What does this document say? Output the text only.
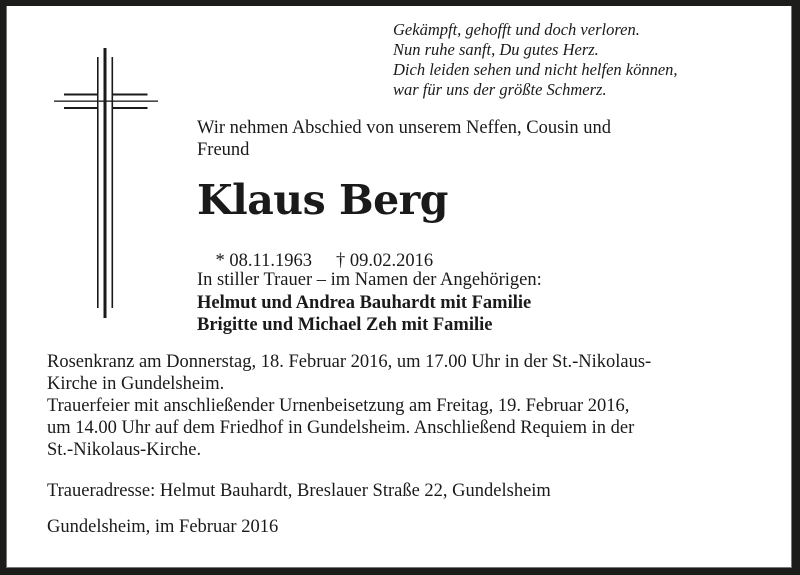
Gekämpft, gehofft und doch verloren.
Nun ruhe sanft, Du gutes Herz.
Dich leiden sehen und nicht helfen können,
war für uns der größte Schmerz.
Wir nehmen Abschied von unserem Neffen, Cousin und
Freund
Klaus Berg

* 08.11.1963 † 09.02.2016

In stiller Trauer – im Namen der Angehörigen:
Helmut und Andrea Bauhardt mit Familie
Brigitte und Michael Zeh mit Familie
Rosenkranz am Donnerstag, 18. Februar 2016, um 17.00 Uhr in der St.-Nikolaus-
Kirche in Gundelsheim.
Trauerfeier mit anschließender Urnenbeisetzung am Freitag, 19. Februar 2016,
um 14.00 Uhr auf dem Friedhof in Gundelsheim. Anschließend Requiem in der
St.-Nikolaus-Kirche.
Traueradresse: Helmut Bauhardt, Breslauer Straße 22, Gundelsheim
Gundelsheim, im Februar 2016
